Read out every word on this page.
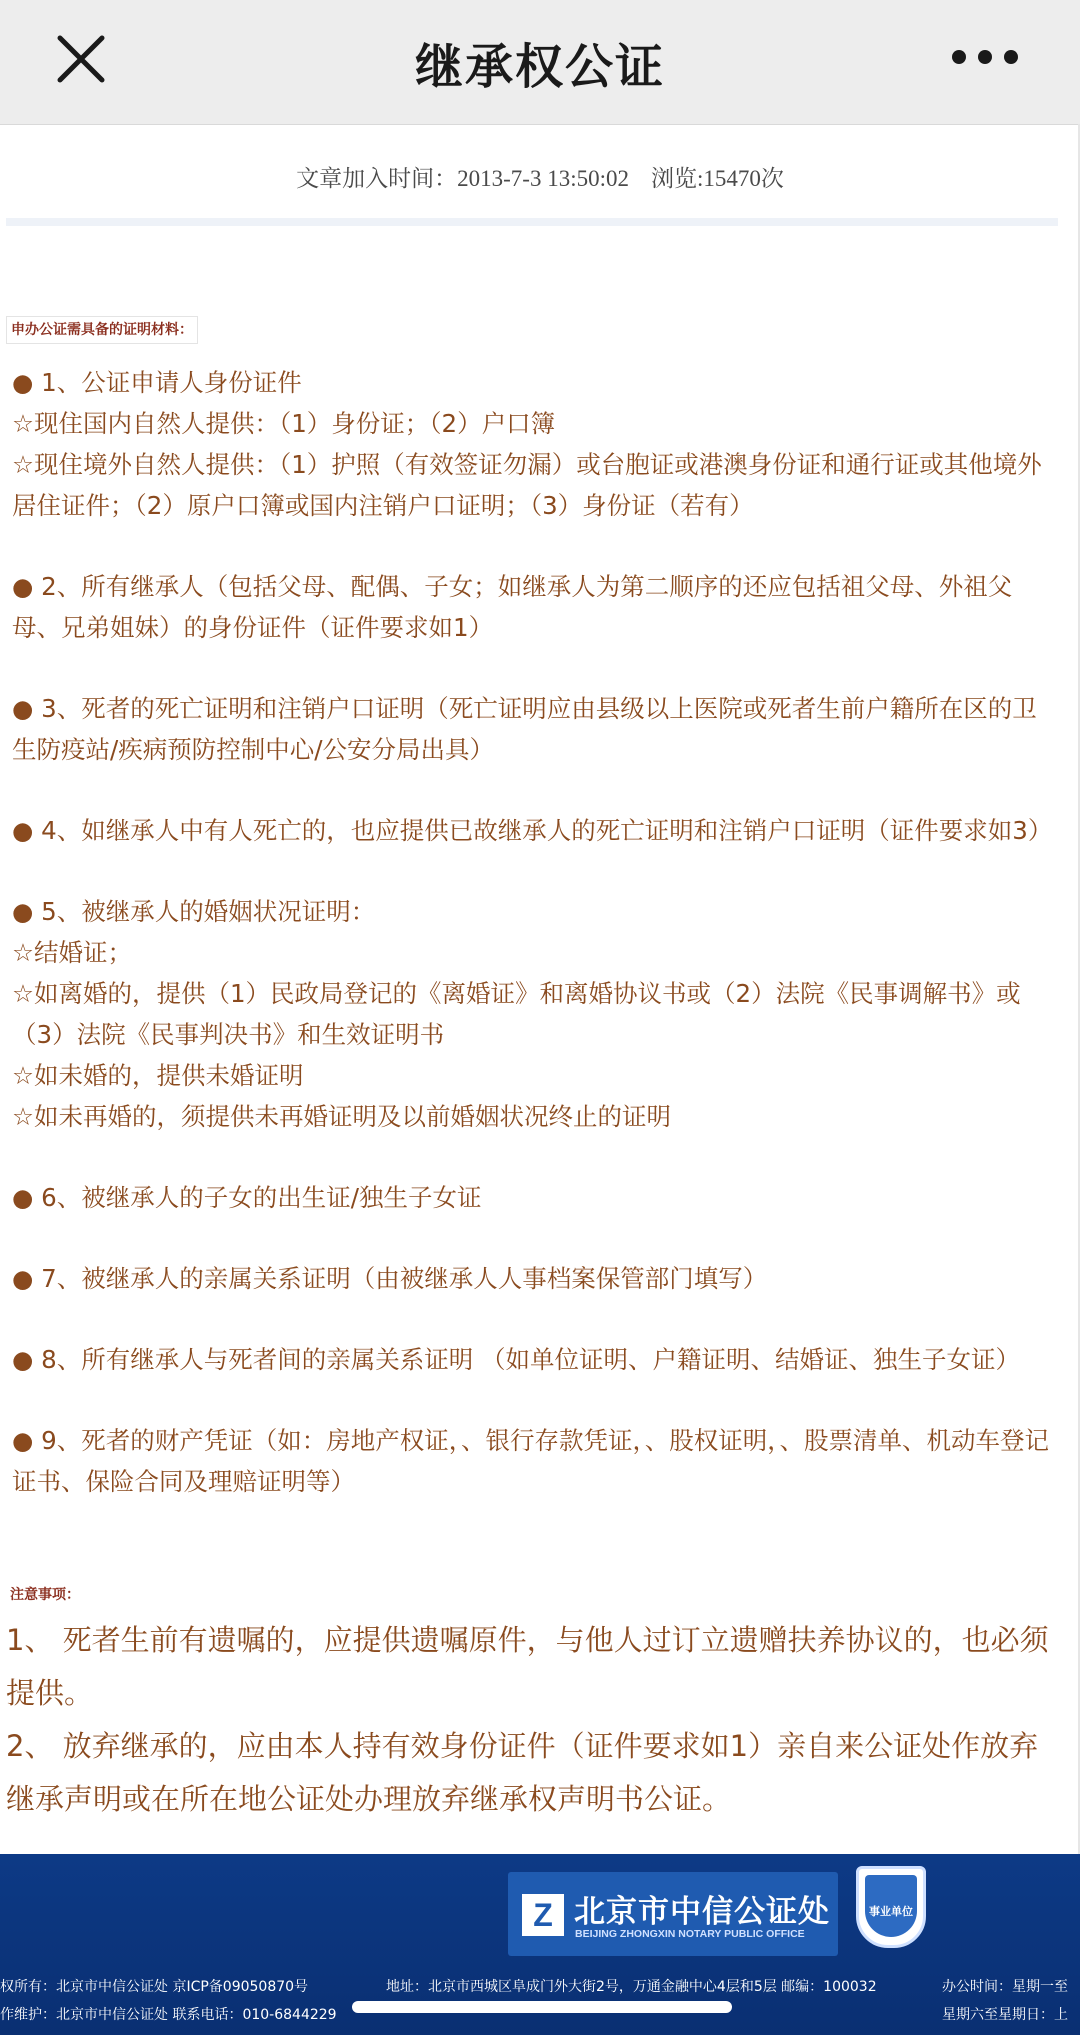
继承权公证
文章加入时间：2013-7-3 13:50:02 浏览:15470次
申办公证需具备的证明材料：

● 1、公证申请人身份证件

☆现住国内自然人提供：（1）身份证；（2）户口簿

☆现住境外自然人提供：（1）护照（有效签证勿漏）或台胞证或港澳身份证和通行证或其他境外居住证件；（2）原户口簿或国内注销户口证明；（3）身份证（若有）

● 2、所有继承人（包括父母、配偶、子女；如继承人为第二顺序的还应包括祖父母、外祖父母、兄弟姐妹）的身份证件（证件要求如1）

● 3、死者的死亡证明和注销户口证明（死亡证明应由县级以上医院或死者生前户籍所在区的卫生防疫站/疾病预防控制中心/公安分局出具）

● 4、如继承人中有人死亡的，也应提供已故继承人的死亡证明和注销户口证明（证件要求如3）

● 5、被继承人的婚姻状况证明：

☆结婚证；

☆如离婚的，提供（1）民政局登记的《离婚证》和离婚协议书或（2）法院《民事调解书》或（3）法院《民事判决书》和生效证明书

☆如未婚的，提供未婚证明

☆如未再婚的，须提供未再婚证明及以前婚姻状况终止的证明

● 6、被继承人的子女的出生证/独生子女证

● 7、被继承人的亲属关系证明（由被继承人人事档案保管部门填写）

● 8、所有继承人与死者间的亲属关系证明 （如单位证明、户籍证明、结婚证、独生子女证）

● 9、死者的财产凭证（如：房地产权证，、银行存款凭证，、股权证明，、股票清单、机动车登记证书、保险合同及理赔证明等）

注意事项：

1、 死者生前有遗嘱的，应提供遗嘱原件，与他人过订立遗赠扶养协议的，也必须提供。

2、 放弃继承的，应由本人持有效身份证件（证件要求如1）亲自来公证处作放弃继承声明或在所在地公证处办理放弃继承权声明书公证。

Z 北京市中信公证处
BEIJING ZHONGXIN NOTARY PUBLIC OFFICE
事业单位
权所有：北京市中信公证处 京ICP备09050870号
作维护：北京市中信公证处 联系电话：010-6844229
地址：北京市西城区阜成门外大街2号，万通金融中心4层和5层 邮编：100032	办公时间：星期一至
星期六至星期日：上
